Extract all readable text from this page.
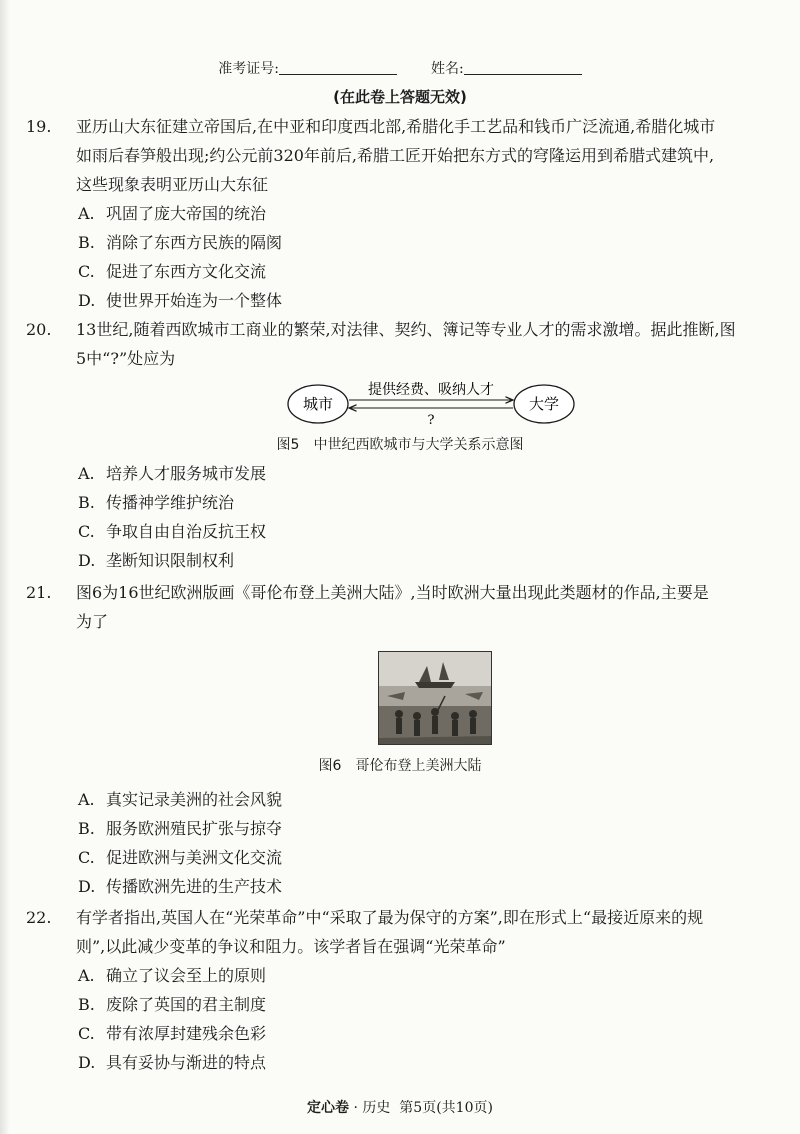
准考证号:	姓名:
(在此卷上答题无效)
19. 亚历山大东征建立帝国后,在中亚和印度西北部,希腊化手工艺品和钱币广泛流通,希腊化城市
如雨后春笋般出现;约公元前320年前后,希腊工匠开始把东方式的穹隆运用到希腊式建筑中,
这些现象表明亚历山大东征
A. 巩固了庞大帝国的统治
B. 消除了东西方民族的隔阂
C. 促进了东西方文化交流
D. 使世界开始连为一个整体
20. 13世纪,随着西欧城市工商业的繁荣,对法律、契约、簿记等专业人才的需求激增。据此推断,图
5中“?”处应为
城市	大学
提供经费、吸纳人才
?
图5　中世纪西欧城市与大学关系示意图
A. 培养人才服务城市发展
B. 传播神学维护统治
C. 争取自由自治反抗王权
D. 垄断知识限制权利
21. 图6为16世纪欧洲版画《哥伦布登上美洲大陆》,当时欧洲大量出现此类题材的作品,主要是
为了
图6　哥伦布登上美洲大陆
A. 真实记录美洲的社会风貌
B. 服务欧洲殖民扩张与掠夺
C. 促进欧洲与美洲文化交流
D. 传播欧洲先进的生产技术
22. 有学者指出,英国人在“光荣革命”中“采取了最为保守的方案”,即在形式上“最接近原来的规
则”,以此减少变革的争议和阻力。该学者旨在强调“光荣革命”
A. 确立了议会至上的原则
B. 废除了英国的君主制度
C. 带有浓厚封建残余色彩
D. 具有妥协与渐进的特点
定心卷 · 历史 第5页(共10页)
